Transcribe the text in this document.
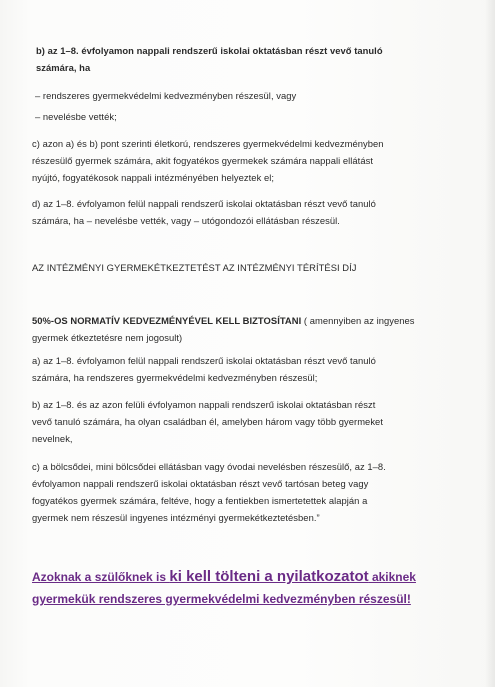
b) az 1–8. évfolyamon nappali rendszerű iskolai oktatásban részt vevő tanuló
számára, ha
– rendszeres gyermekvédelmi kedvezményben részesül, vagy
– nevelésbe vették;
c) azon a) és b) pont szerinti életkorú, rendszeres gyermekvédelmi kedvezményben
részesülő gyermek számára, akit fogyatékos gyermekek számára nappali ellátást
nyújtó, fogyatékosok nappali intézményében helyeztek el;
d) az 1–8. évfolyamon felül nappali rendszerű iskolai oktatásban részt vevő tanuló
számára, ha – nevelésbe vették, vagy – utógondozói ellátásban részesül.
AZ INTÉZMÉNYI GYERMEKÉTKEZTETÉST AZ INTÉZMÉNYI TÉRÍTÉSI DÍJ
50%-OS NORMATÍV KEDVEZMÉNYÉVEL KELL BIZTOSÍTANI ( amennyiben az ingyenes
gyermek étkeztetésre nem jogosult)
a) az 1–8. évfolyamon felül nappali rendszerű iskolai oktatásban részt vevő tanuló
számára, ha rendszeres gyermekvédelmi kedvezményben részesül;
b) az 1–8. és az azon felüli évfolyamon nappali rendszerű iskolai oktatásban részt
vevő tanuló számára, ha olyan családban él, amelyben három vagy több gyermeket
nevelnek,
c) a bölcsődei, mini bölcsődei ellátásban vagy óvodai nevelésben részesülő, az 1–8.
évfolyamon nappali rendszerű iskolai oktatásban részt vevő tartósan beteg vagy
fogyatékos gyermek számára, feltéve, hogy a fentiekben ismertetettek alapján a
gyermek nem részesül ingyenes intézményi gyermekétkeztetésben.”
Azoknak a szülőknek is ki kell tölteni a nyilatkozatot akiknek
gyermekük rendszeres gyermekvédelmi kedvezményben részesül!
